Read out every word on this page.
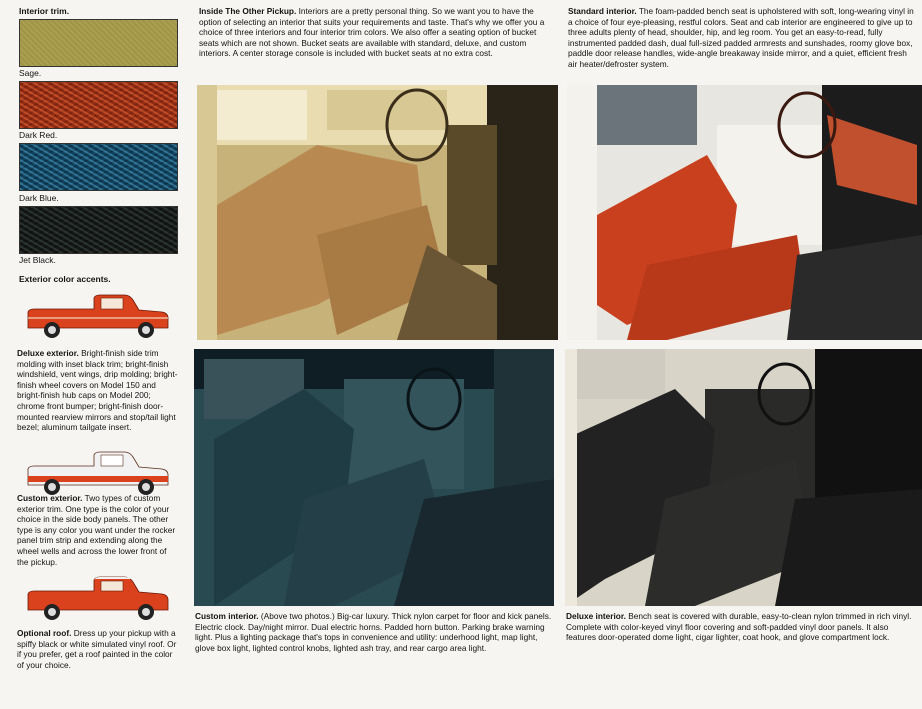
Interior trim.
Sage.
Dark Red.
Dark Blue.
Jet Black.
Exterior color accents.

Deluxe exterior. Bright-finish side trim molding with inset black trim; bright-finish windshield, vent wings, drip molding; bright-finish wheel covers on Model 150 and bright-finish hub caps on Model 200; chrome front bumper; bright-finish door-mounted rearview mirrors and stop/tail light bezel; aluminum tailgate insert.

Custom exterior. Two types of custom exterior trim. One type is the color of your choice in the side body panels. The other type is any color you want under the rocker panel trim strip and extending along the wheel wells and across the lower front of the pickup.

Optional roof. Dress up your pickup with a spiffy black or white simulated vinyl roof. Or if you prefer, get a roof painted in the color of your choice.

Inside The Other Pickup. Interiors are a pretty personal thing. So we want you to have the option of selecting an interior that suits your requirements and taste. That's why we offer you a choice of three interiors and four interior trim colors. We also offer a seating option of bucket seats which are not shown. Bucket seats are available with standard, deluxe, and custom interiors. A center storage console is included with bucket seats at no extra cost.

Standard interior. The foam-padded bench seat is upholstered with soft, long-wearing vinyl in a choice of four eye-pleasing, restful colors. Seat and cab interior are engineered to give up to three adults plenty of head, shoulder, hip, and leg room. You get an easy-to-read, fully instrumented padded dash, dual full-sized padded armrests and sunshades, roomy glove box, paddle door release handles, wide-angle breakaway inside mirror, and a quiet, efficient fresh air heater/defroster system.

Custom interior. (Above two photos.) Big-car luxury. Thick nylon carpet for floor and kick panels. Electric clock. Day/night mirror. Dual electric horns. Padded horn button. Parking brake warning light. Plus a lighting package that's tops in convenience and utility: underhood light, map light, glove box light, lighted control knobs, lighted ash tray, and rear cargo area light.

Deluxe interior. Bench seat is covered with durable, easy-to-clean nylon trimmed in rich vinyl. Complete with color-keyed vinyl floor covering and soft-padded vinyl door panels. It also features door-operated dome light, cigar lighter, coat hook, and glove compartment lock.
